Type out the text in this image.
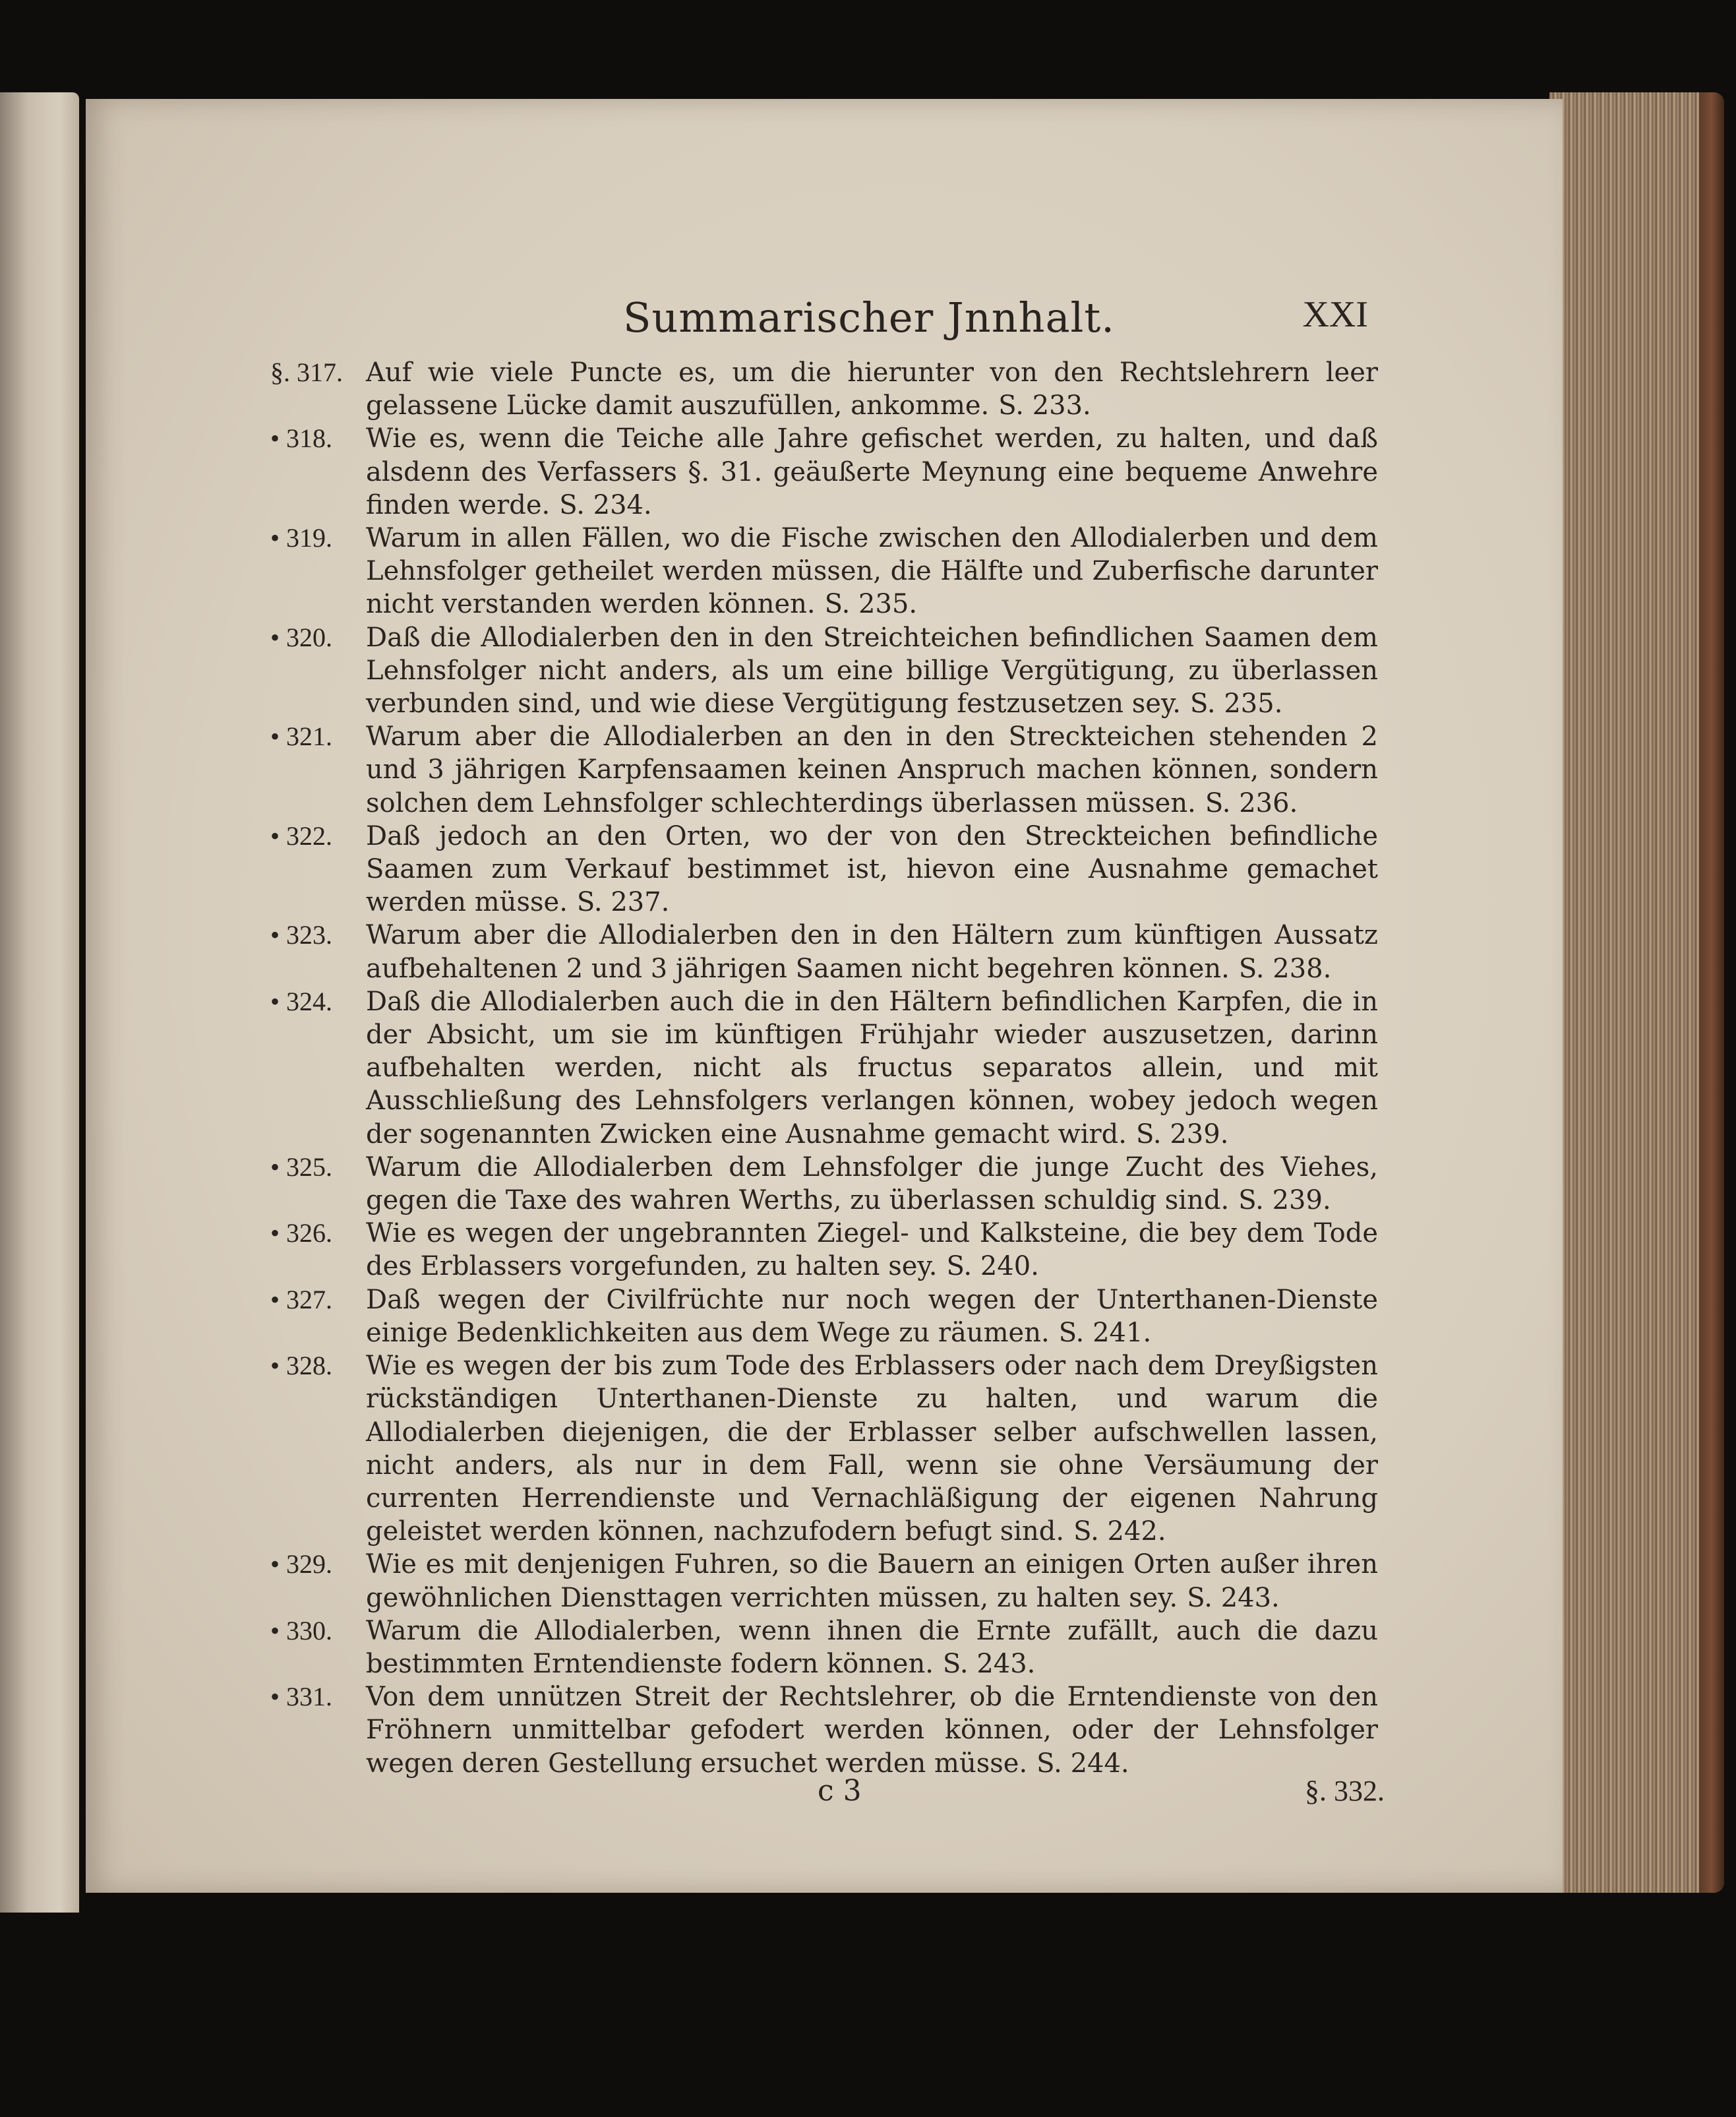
Summarischer Jnnhalt.	XXI
§. 317. Auf wie viele Puncte es, um die hierunter von den Rechtslehrern leer gelassene Lücke damit auszufüllen, ankomme. S. 233.
• 318. Wie es, wenn die Teiche alle Jahre gefischet werden, zu halten, und daß alsdenn des Verfassers §. 31. geäußerte Meynung eine bequeme Anwehre finden werde. S. 234.
• 319. Warum in allen Fällen, wo die Fische zwischen den Allodialerben und dem Lehnsfolger getheilet werden müssen, die Hälfte und Zuberfische darunter nicht verstanden werden können. S. 235.
• 320. Daß die Allodialerben den in den Streichteichen befindlichen Saamen dem Lehnsfolger nicht anders, als um eine billige Vergütigung, zu überlassen verbunden sind, und wie diese Vergütigung festzusetzen sey. S. 235.
• 321. Warum aber die Allodialerben an den in den Streckteichen stehenden 2 und 3 jährigen Karpfensaamen keinen Anspruch machen können, sondern solchen dem Lehnsfolger schlechterdings überlassen müssen. S. 236.
• 322. Daß jedoch an den Orten, wo der von den Streckteichen befindliche Saamen zum Verkauf bestimmet ist, hievon eine Ausnahme gemachet werden müsse. S. 237.
• 323. Warum aber die Allodialerben den in den Hältern zum künftigen Aussatz aufbehaltenen 2 und 3 jährigen Saamen nicht begehren können. S. 238.
• 324. Daß die Allodialerben auch die in den Hältern befindlichen Karpfen, die in der Absicht, um sie im künftigen Frühjahr wieder auszusetzen, darinn aufbehalten werden, nicht als fructus separatos allein, und mit Ausschließung des Lehnsfolgers verlangen können, wobey jedoch wegen der sogenannten Zwicken eine Ausnahme gemacht wird. S. 239.
• 325. Warum die Allodialerben dem Lehnsfolger die junge Zucht des Viehes, gegen die Taxe des wahren Werths, zu überlassen schuldig sind. S. 239.
• 326. Wie es wegen der ungebrannten Ziegel- und Kalksteine, die bey dem Tode des Erblassers vorgefunden, zu halten sey. S. 240.
• 327. Daß wegen der Civilfrüchte nur noch wegen der Unterthanen-Dienste einige Bedenklichkeiten aus dem Wege zu räumen. S. 241.
• 328. Wie es wegen der bis zum Tode des Erblassers oder nach dem Dreyßigsten rückständigen Unterthanen-Dienste zu halten, und warum die Allodialerben diejenigen, die der Erblasser selber aufschwellen lassen, nicht anders, als nur in dem Fall, wenn sie ohne Versäumung der currenten Herrendienste und Vernachläßigung der eigenen Nahrung geleistet werden können, nachzufodern befugt sind. S. 242.
• 329. Wie es mit denjenigen Fuhren, so die Bauern an einigen Orten außer ihren gewöhnlichen Diensttagen verrichten müssen, zu halten sey. S. 243.
• 330. Warum die Allodialerben, wenn ihnen die Ernte zufällt, auch die dazu bestimmten Erntendienste fodern können. S. 243.
• 331. Von dem unnützen Streit der Rechtslehrer, ob die Erntendienste von den Fröhnern unmittelbar gefodert werden können, oder der Lehnsfolger wegen deren Gestellung ersuchet werden müsse. S. 244.
c 3	§. 332.
